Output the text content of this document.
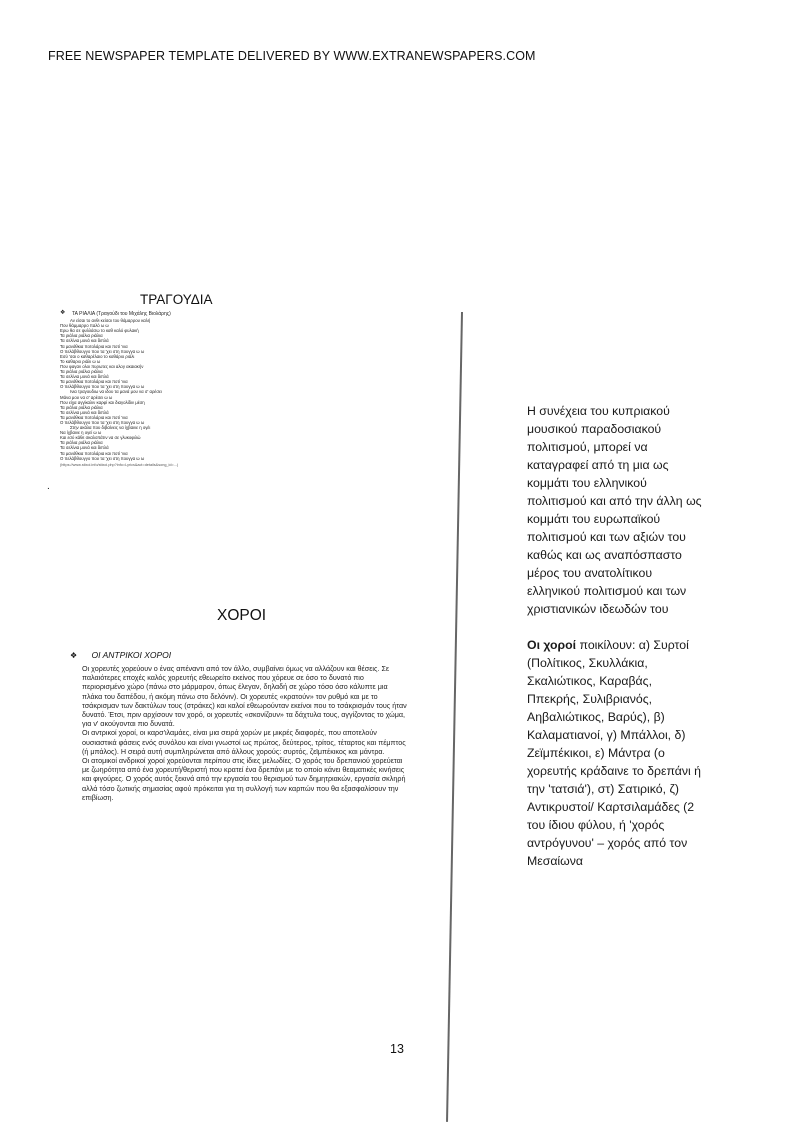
FREE NEWSPAPER TEMPLATE DELIVERED BY WWW.EXTRANEWSPAPERS.COM
ΤΡΑΓΟΥΔΙΑ
❖ ΤΑ ΡΙΑΛΙΑ (Τραγούδι του Μιχάλης Βιολάρης)
Αν είσαι το ανθι κείσαι του θάμαρρου καλή
Που θάμμαρρο παλό ω ω
Ερω θα σε φυλλάσω το καθ καλό φυλακή
Τα ριάλια ριάλια ριάλια
Τα σελίνια μονά και διπλά
Τα μανάθκια ποτολάρια και ποτί 'νια
Ο πελάβθουγγο που τα 'χει στη πουγγα ω ω
Εσύ 'σαι ο καθαρέλαιο το καθάριο ριάλι
Το καθαριο ριάλι ω ω
Που φαγαν ολοι πυρωτες και αλογ ακαιακήν
Τα ριάλια ριάλια ριάλια
Τα σελίνια μονά και διπλά
Τα μανάθκια ποτολάρια και ποτί 'νια
Ο πελάβθουγγο που τα 'χει στη πουγγα ω ω
Ινια τραγουδιω να ιδου τα μανά μου να σ' αρέσει
Μάνα μου να σ' αρέσει ω ω
Που είχα αγγίκαλιν καρφί και διαγολίδιν μέση
Τα ριάλια ριάλια ριάλια
Τα σελίνια μονά και διπλά
Τα μανάθκια ποτολάρια και ποτί 'νια
Ο πελάβθουγγο που τα 'χει στη πουγγα ω ω
Στην ακάλα που διβαίνεις να ίχβαινε η ογέι
Να ίχβαινε η ογεί ω ω
Και εσύ κάθε σκαλοπάτιν να σε γλυκοφιλώ
Τα ριάλια ριάλια ριάλια
Τα σελίνια μονά και διπλά
Τα μανάθκια ποτολάρια και ποτί 'νια
Ο πελάβθουγγο που τα 'χει στη πουγγα ω ω
(https://www.stixoi.info/stixoi.php?info=Lyrics&act=details&song_id=...)
.
ΧΟΡΟΙ
❖ ΟΙ ΑΝΤΡΙΚΟΙ ΧΟΡΟΙ

Οι χορευτές χορεύουν ο ένας απέναντι από τον άλλο, συμβαίνει όμως να αλλάζουν και θέσεις. Σε παλαιότερες εποχές καλός χορευτής εθεωρείτο εκείνος που χόρευε σε όσο το δυνατό πιο περιορισμένο χώρο (πάνω στο μάρμαρον, όπως έλεγαν, δηλαδή σε χώρο τόσο όσο κάλυπτε μια πλάκα του δαπέδου, ή ακόμη πάνω στο δελόνιν). Οι χορευτές «κρατούν» τον ρυθμό και με το τσάκρισμαν των δακτύλων τους (στράκες) και καλοί εθεωρούνταν εκείνοι που το τσάκρισμάν τους ήταν δυνατό. Έτσι, πριν αρχίσουν τον χορό, οι χορευτές «σκονίζουν» τα δάχτυλα τους, αγγίζοντας το χώμα, για ν' ακούγονται πιο δυνατά.

Οι αντρικοί χοροί, οι καρσ'ιλαμάες, είναι μια σειρά χορών με μικρές διαφορές, που αποτελούν ουσιαστικά φάσεις ενός συνόλου και είναι γνωστοί ως πρώτος, δεύτερος, τρίτος, τέταρτος και πέμπτος (ή μπάλος). Η σειρά αυτή συμπληρώνεται από άλλους χορούς: συρτός, ζεϊμπέκικος και μάντρα.

Οι ατομικοί ανδρικοί χοροί χορεύονται περίπου στις ίδιες μελωδίες. Ο χορός του δρεπανιού χορεύεται με ζωηρότητα από ένα χορευτή/θεριστή που κρατεί ένα δρεπάνι με το οποίο κάνει θεαματικές κινήσεις και φιγούρες. Ο χορός αυτός ξεκινά από την εργασία του θερισμού των δημητριακών, εργασία σκληρή αλλά τόσο ζωτικής σημασίας αφού πρόκειται για τη συλλογή των καρπών που θα εξασφαλίσουν την επιβίωση.

Η συνέχεια του κυπριακού μουσικού παραδοσιακού πολιτισμού, μπορεί να καταγραφεί από τη μια ως κομμάτι του ελληνικού πολιτισμού και από την άλλη ως κομμάτι του ευρωπαϊκού πολιτισμού και των αξιών του καθώς και ως αναπόσπαστο μέρος του ανατολίτικου ελληνικού πολιτισμού και των χριστιανικών ιδεωδών του

Οι χοροί ποικίλουν: α) Συρτοί (Πολίτικος, Σκυλλάκια, Σκαλιώτικος, Καραβάς, Ππεκρής, Συλιβριανός, Αηβαλιώτικος, Βαρύς), β) Καλαματιανοί, γ) Μπάλλοι, δ) Ζεϊμπέκικοι, ε) Μάντρα (ο χορευτής κράδαινε το δρεπάνι ή την 'τατσιά'), στ) Σατιρικό, ζ) Αντικρυστοί/ Καρτσιλαμάδες (2 του ίδιου φύλου, ή 'χορός αντρόγυνου' – χορός από τον Μεσαίωνα

13
